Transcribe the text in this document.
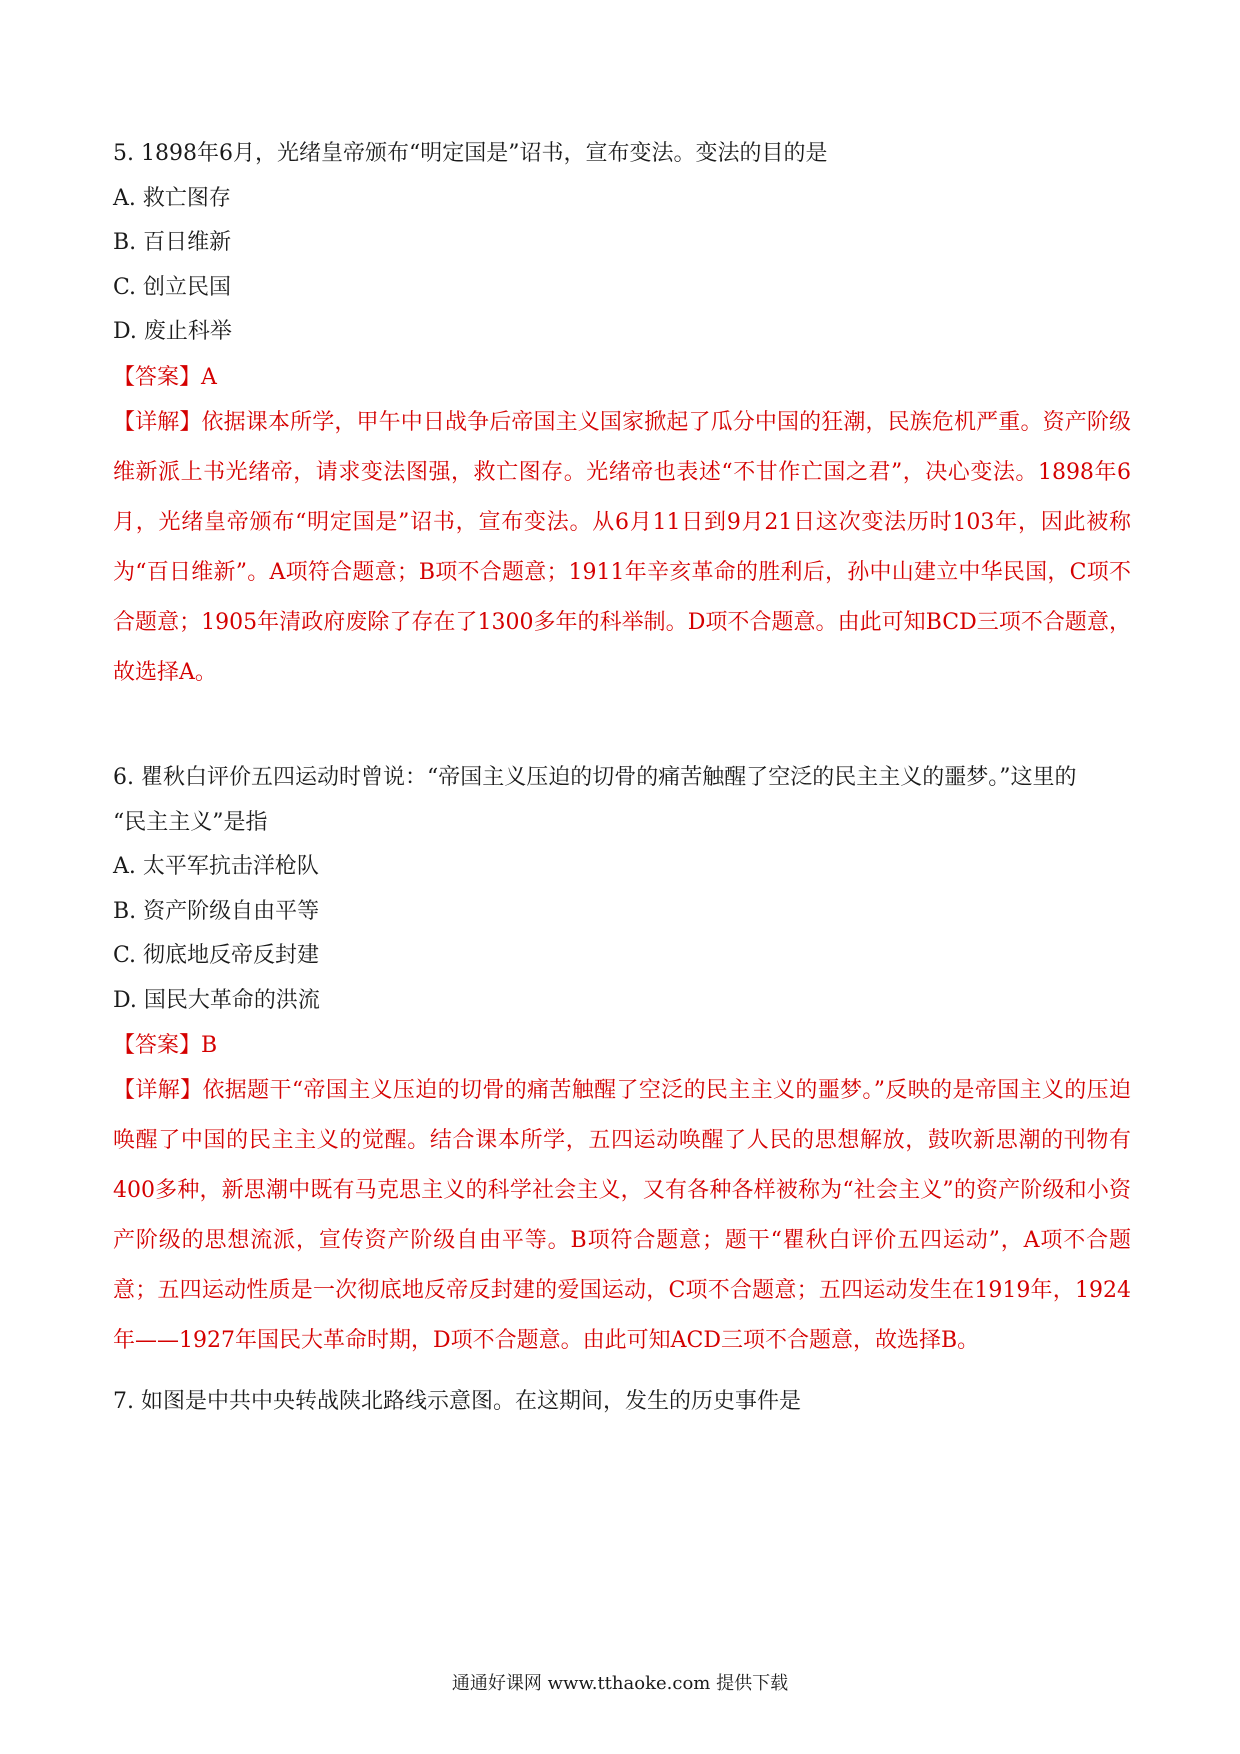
5. 1898年6月，光绪皇帝颁布“明定国是”诏书，宣布变法。变法的目的是
A. 救亡图存
B. 百日维新
C. 创立民国
D. 废止科举
【答案】A
【详解】依据课本所学，甲午中日战争后帝国主义国家掀起了瓜分中国的狂潮，民族危机严重。资产阶级维新派上书光绪帝，请求变法图强，救亡图存。光绪帝也表述“不甘作亡国之君”，决心变法。1898年6月，光绪皇帝颁布“明定国是”诏书，宣布变法。从6月11日到9月21日这次变法历时103年，因此被称为“百日维新”。A项符合题意；B项不合题意；1911年辛亥革命的胜利后，孙中山建立中华民国，C项不合题意；1905年清政府废除了存在了1300多年的科举制。D项不合题意。由此可知BCD三项不合题意，故选择A。
6. 瞿秋白评价五四运动时曾说：“帝国主义压迫的切骨的痛苦触醒了空泛的民主主义的噩梦。”这里的
“民主主义”是指
A. 太平军抗击洋枪队
B. 资产阶级自由平等
C. 彻底地反帝反封建
D. 国民大革命的洪流
【答案】B
【详解】依据题干“帝国主义压迫的切骨的痛苦触醒了空泛的民主主义的噩梦。”反映的是帝国主义的压迫唤醒了中国的民主主义的觉醒。结合课本所学，五四运动唤醒了人民的思想解放，鼓吹新思潮的刊物有400多种，新思潮中既有马克思主义的科学社会主义，又有各种各样被称为“社会主义”的资产阶级和小资产阶级的思想流派，宣传资产阶级自由平等。B项符合题意；题干“瞿秋白评价五四运动”，A项不合题意；五四运动性质是一次彻底地反帝反封建的爱国运动，C项不合题意；五四运动发生在1919年，1924年——1927年国民大革命时期，D项不合题意。由此可知ACD三项不合题意，故选择B。
7. 如图是中共中央转战陕北路线示意图。在这期间，发生的历史事件是
通通好课网 www.tthaoke.com 提供下载
